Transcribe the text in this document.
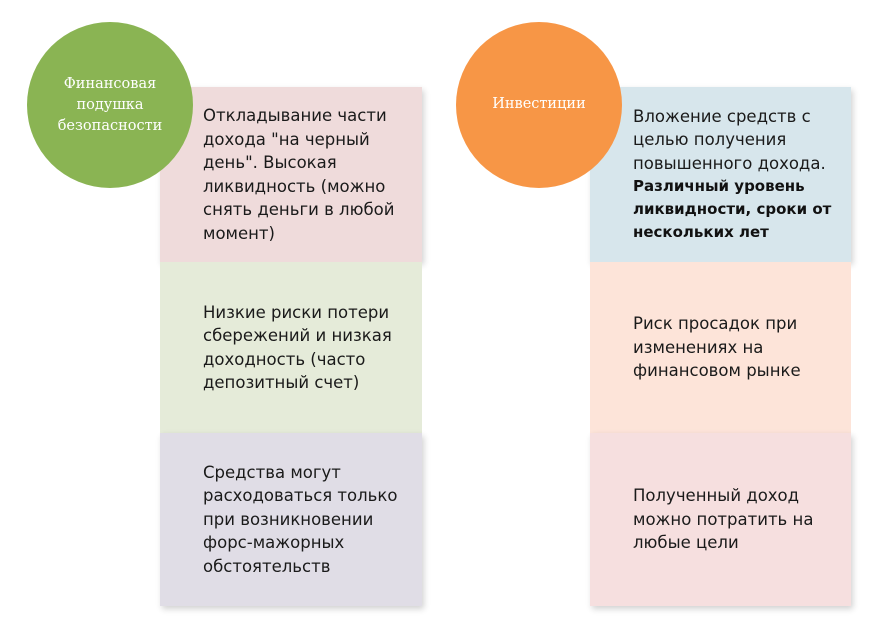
Откладывание части
дохода "на черный
день". Высокая
ликвидность (можно
снять деньги в любой
момент)
Низкие риски потери
сбережений и низкая
доходность (часто
депозитный счет)
Средства могут
расходоваться только
при возникновении
форс-мажорных
обстоятельств
Финансовая
подушка
безопасности	Вложение средств с
целью получения
повышенного дохода.
Различный уровень
ликвидности, сроки от
нескольких лет
Риск просадок при
изменениях на
финансовом рынке
Полученный доход
можно потратить на
любые цели
Инвестиции
